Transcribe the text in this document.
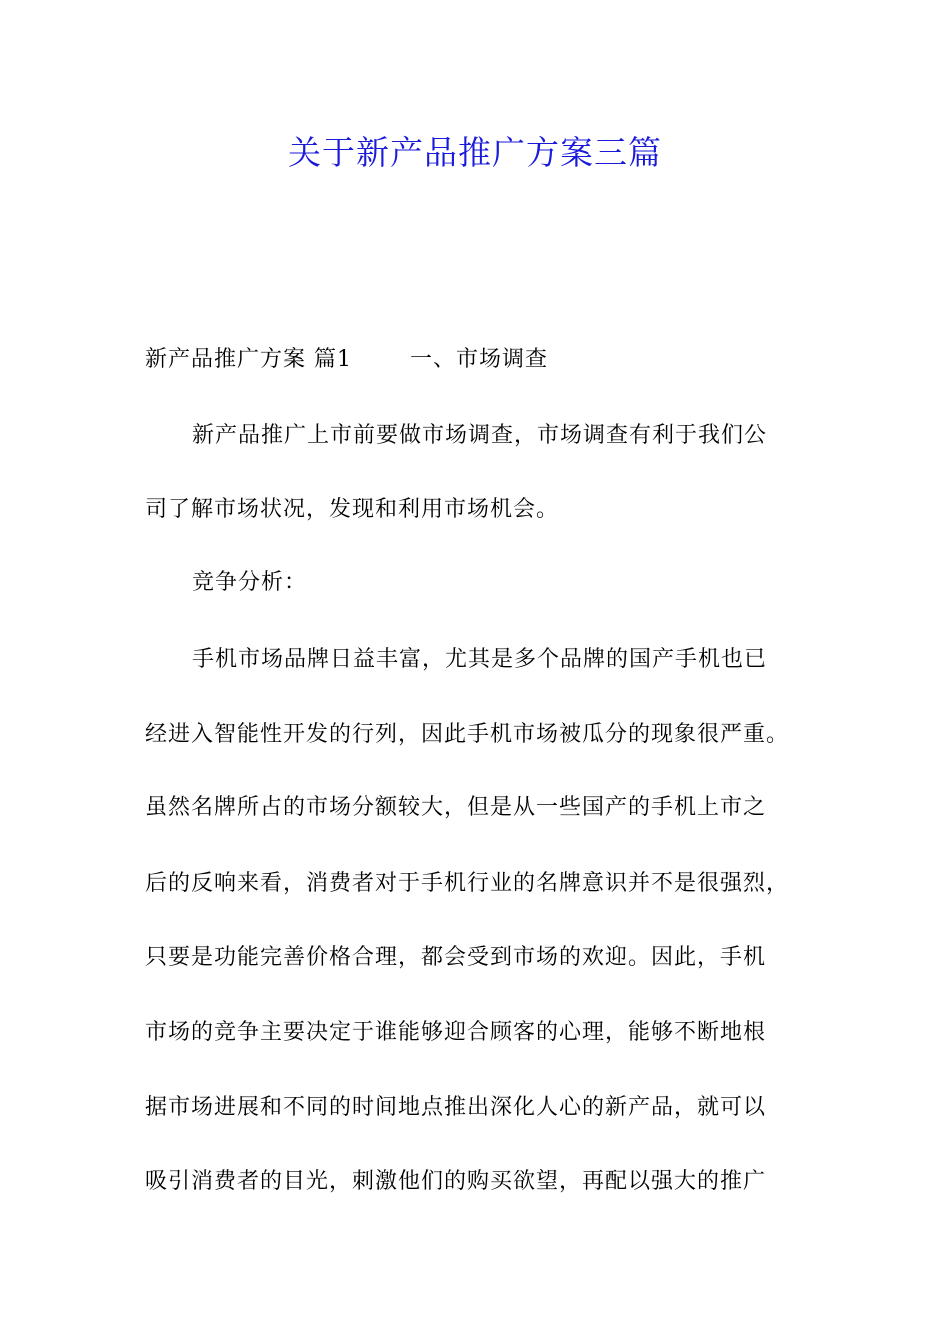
关于新产品推广方案三篇
新产品推广方案 篇1	一、市场调查
新产品推广上市前要做市场调查，市场调查有利于我们公
司了解市场状况，发现和利用市场机会。
竞争分析：
手机市场品牌日益丰富，尤其是多个品牌的国产手机也已
经进入智能性开发的行列，因此手机市场被瓜分的现象很严重。
虽然名牌所占的市场分额较大，但是从一些国产的手机上市之
后的反响来看，消费者对于手机行业的名牌意识并不是很强烈，
只要是功能完善价格合理，都会受到市场的欢迎。因此，手机
市场的竞争主要决定于谁能够迎合顾客的心理，能够不断地根
据市场进展和不同的时间地点推出深化人心的新产品，就可以
吸引消费者的目光，刺激他们的购买欲望，再配以强大的推广
